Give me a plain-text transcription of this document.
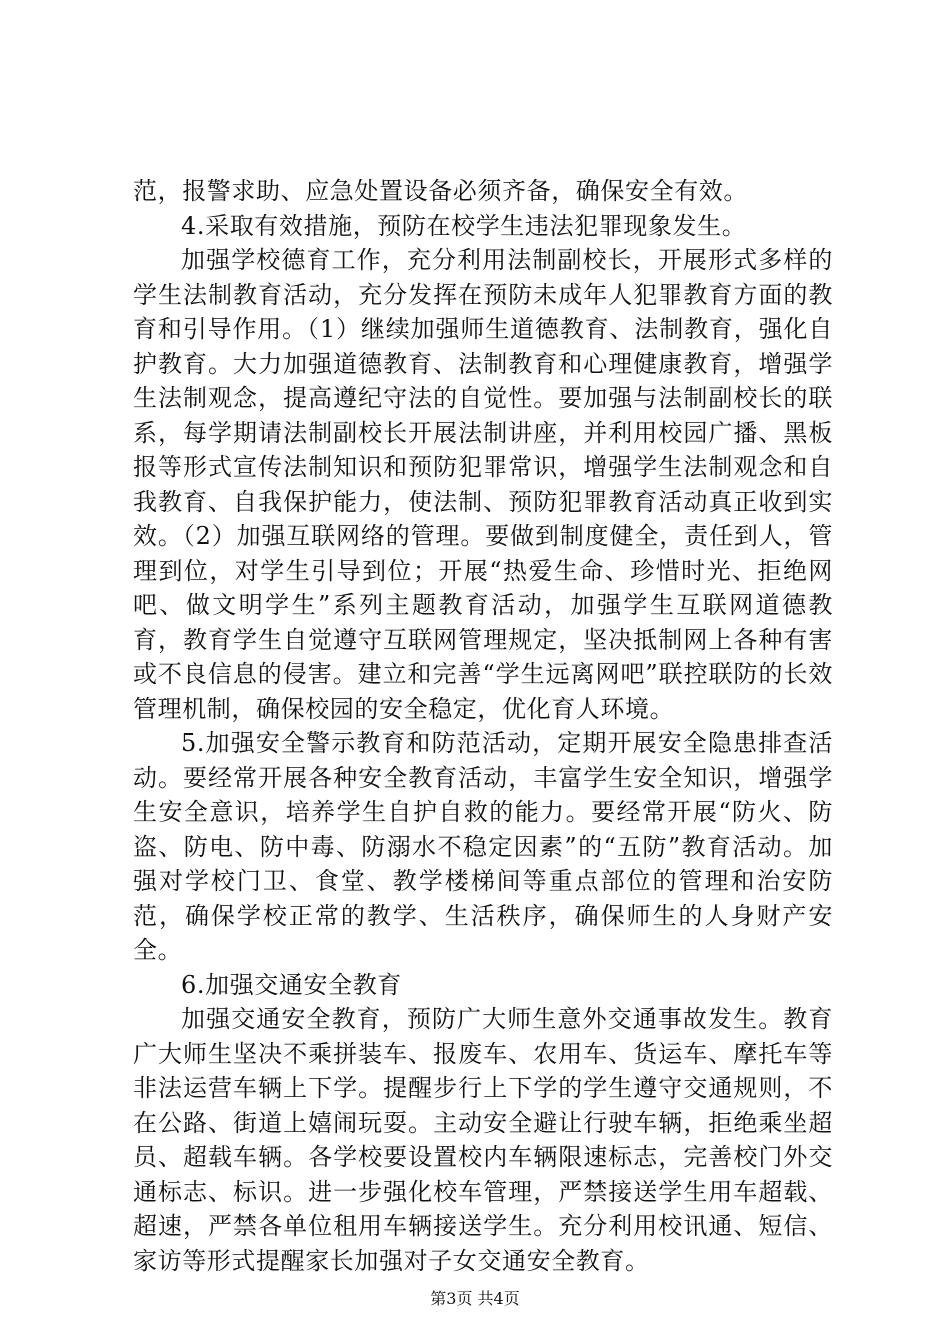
范，报警求助、应急处置设备必须齐备，确保安全有效。

4.采取有效措施，预防在校学生违法犯罪现象发生。

加强学校德育工作，充分利用法制副校长，开展形式多样的学生法制教育活动，充分发挥在预防未成年人犯罪教育方面的教育和引导作用。（1）继续加强师生道德教育、法制教育，强化自护教育。大力加强道德教育、法制教育和心理健康教育，增强学生法制观念，提高遵纪守法的自觉性。要加强与法制副校长的联系，每学期请法制副校长开展法制讲座，并利用校园广播、黑板报等形式宣传法制知识和预防犯罪常识，增强学生法制观念和自我教育、自我保护能力，使法制、预防犯罪教育活动真正收到实效。（2）加强互联网络的管理。要做到制度健全，责任到人，管理到位，对学生引导到位；开展“热爱生命、珍惜时光、拒绝网吧、做文明学生”系列主题教育活动，加强学生互联网道德教育，教育学生自觉遵守互联网管理规定，坚决抵制网上各种有害或不良信息的侵害。建立和完善“学生远离网吧”联控联防的长效管理机制，确保校园的安全稳定，优化育人环境。

5.加强安全警示教育和防范活动，定期开展安全隐患排查活动。要经常开展各种安全教育活动，丰富学生安全知识，增强学生安全意识，培养学生自护自救的能力。要经常开展“防火、防盗、防电、防中毒、防溺水不稳定因素”的“五防”教育活动。加强对学校门卫、食堂、教学楼梯间等重点部位的管理和治安防范，确保学校正常的教学、生活秩序，确保师生的人身财产安全。

6.加强交通安全教育

加强交通安全教育，预防广大师生意外交通事故发生。教育广大师生坚决不乘拼装车、报废车、农用车、货运车、摩托车等非法运营车辆上下学。提醒步行上下学的学生遵守交通规则，不在公路、街道上嬉闹玩耍。主动安全避让行驶车辆，拒绝乘坐超员、超载车辆。各学校要设置校内车辆限速标志，完善校门外交通标志、标识。进一步强化校车管理，严禁接送学生用车超载、超速，严禁各单位租用车辆接送学生。充分利用校讯通、短信、家访等形式提醒家长加强对子女交通安全教育。

第3页 共4页
